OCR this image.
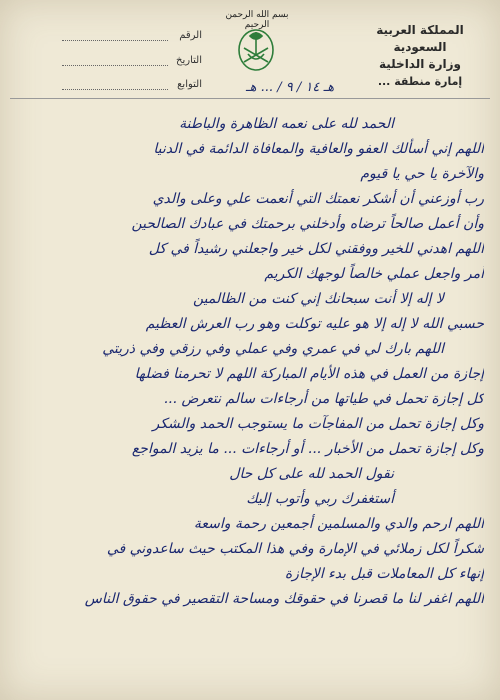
الرقم
التاريخ
التوابع
بسم الله الرحمن الرحيم	المملكة العربية السعودية
وزارة الداخلية
إمارة منطقة ...
هـ ١٤ / ٩ / ... هـ
الحمد لله على نعمه الظاهرة والباطنة
اللهم إني أسألك العفو والعافية والمعافاة الدائمة في الدنيا
والآخرة يا حي يا قيوم
رب أوزعني أن أشكر نعمتك التي أنعمت علي وعلى والدي
وأن أعمل صالحاً ترضاه وأدخلني برحمتك في عبادك الصالحين
اللهم اهدني للخير ووفقني لكل خير واجعلني رشيداً في كل
أمر واجعل عملي خالصاً لوجهك الكريم
لا إله إلا أنت سبحانك إني كنت من الظالمين
حسبي الله لا إله إلا هو عليه توكلت وهو رب العرش العظيم
اللهم بارك لي في عمري وفي عملي وفي رزقي وفي ذريتي
إجازة من العمل في هذه الأيام المباركة اللهم لا تحرمنا فضلها
كل إجازة تحمل في طياتها من أرجاءات سالم نتعرض ...
وكل إجازة تحمل من المفاجآت ما يستوجب الحمد والشكر
وكل إجازة تحمل من الأخبار ... أو أرجاءات ... ما يزيد المواجع
نقول الحمد لله على كل حال
أستغفرك ربي وأتوب إليك
اللهم ارحم والدي والمسلمين أجمعين رحمة واسعة
شكراً لكل زملائي في الإمارة وفي هذا المكتب حيث ساعدوني في
إنهاء كل المعاملات قبل بدء الإجازة
اللهم اغفر لنا ما قصرنا في حقوقك ومساحة التقصير في حقوق الناس
